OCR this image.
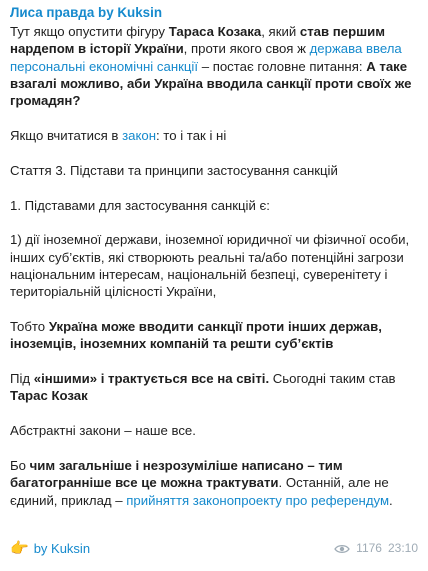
Лиса правда by Kuksin

Тут якщо опустити фігуру Тараса Козака, який став першим нардепом в історії України, проти якого своя ж держава ввела персональні економічні санкції – постає головне питання: А таке взагалі можливо, аби Україна вводила санкції проти своїх же громадян?

Якщо вчитатися в закон: то і так і ні

Стаття 3. Підстави та принципи застосування санкцій

1. Підставами для застосування санкцій є:

1) дії іноземної держави, іноземної юридичної чи фізичної особи, інших суб’єктів, які створюють реальні та/або потенційні загрози національним інтересам, національній безпеці, суверенітету і територіальній цілісності України,

Тобто Україна може вводити санкції проти інших держав, іноземців, іноземних компаній та решти суб’єктів

Під «іншими» і трактується все на світі. Сьогодні таким став Тарас Козак

Абстрактні закони – наше все.

Бо чим загальніше і незрозуміліше написано – тим багатограннiше все це можна трактувати. Останній, але не єдиний, приклад – прийняття законопроекту про референдум.

👉 by Kuksin	1176 23:10
